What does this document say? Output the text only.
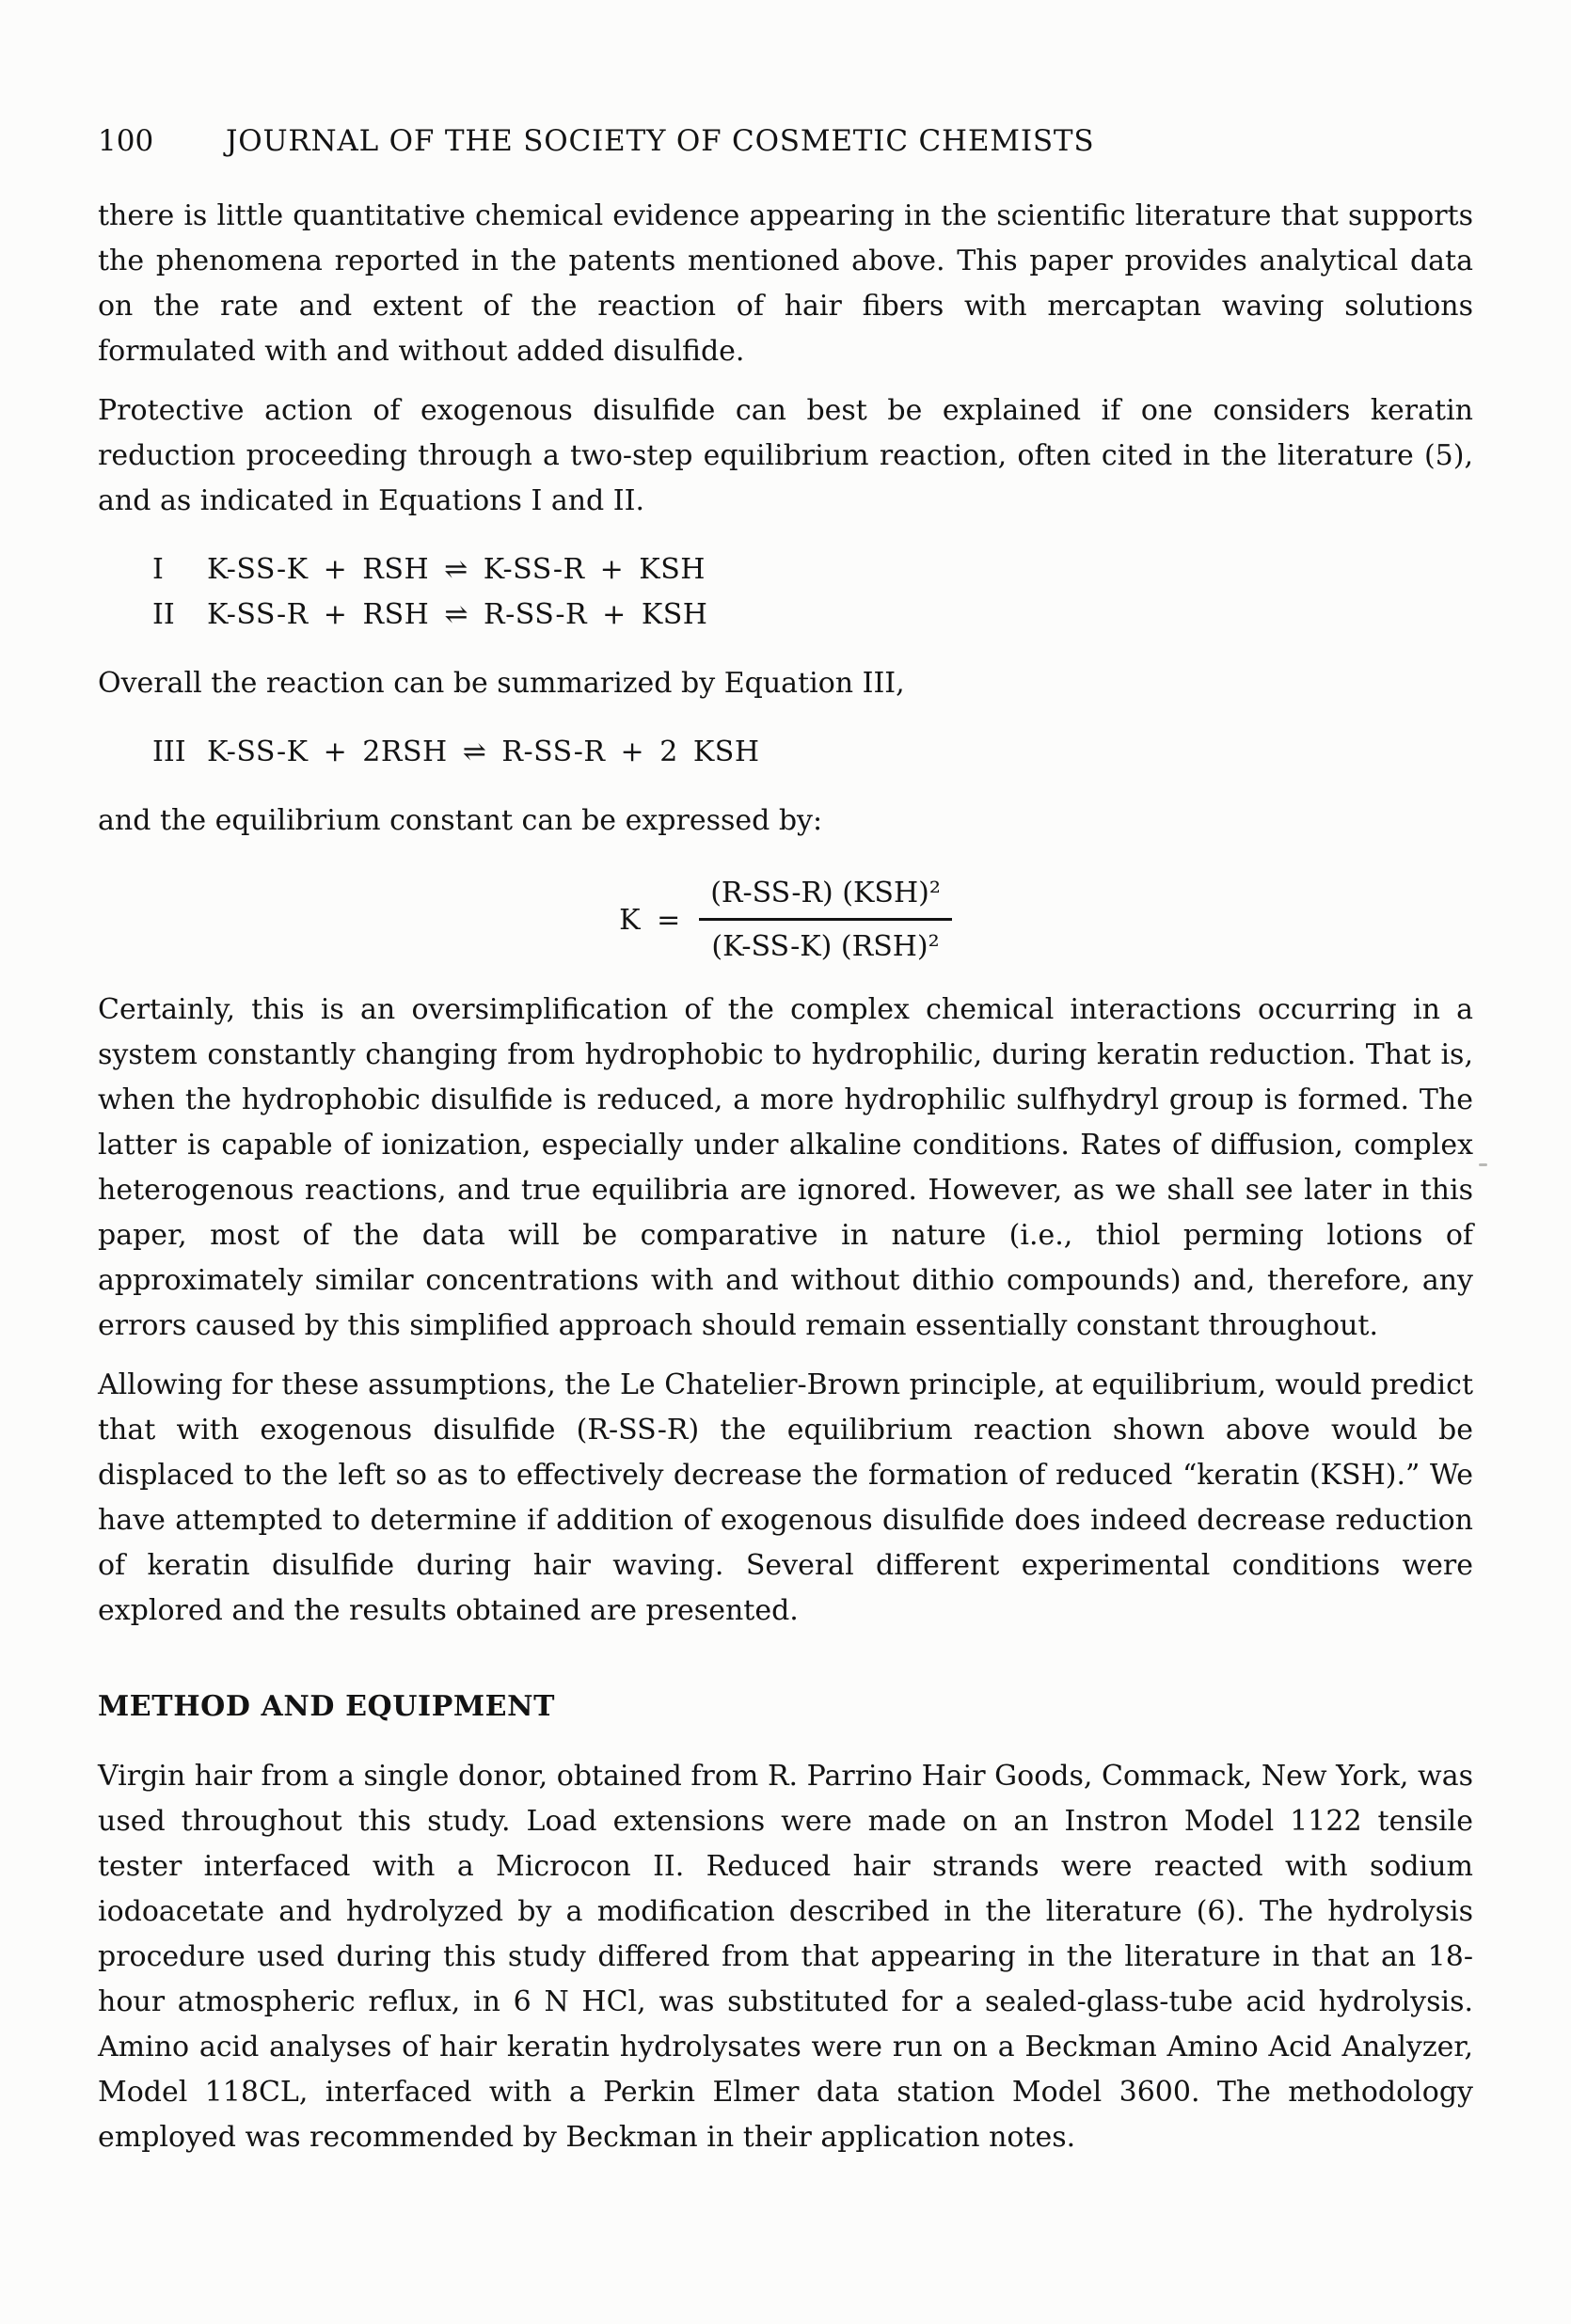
100	JOURNAL OF THE SOCIETY OF COSMETIC CHEMISTS

there is little quantitative chemical evidence appearing in the scientific literature that supports the phenomena reported in the patents mentioned above. This paper provides analytical data on the rate and extent of the reaction of hair fibers with mercaptan waving solutions formulated with and without added disulfide.

Protective action of exogenous disulfide can best be explained if one considers keratin reduction proceeding through a two-step equilibrium reaction, often cited in the literature (5), and as indicated in Equations I and II.

I	K-SS-K + RSH ⇌ K-SS-R + KSH
II	K-SS-R + RSH ⇌ R-SS-R + KSH

Overall the reaction can be summarized by Equation III,

III K-SS-K + 2RSH ⇌ R-SS-R + 2 KSH

and the equilibrium constant can be expressed by:

$K = \frac{\text{(R-SS-R) (KSH)²}}{\text{(K-SS-K) (RSH)²}}$

Certainly, this is an oversimplification of the complex chemical interactions occurring in a system constantly changing from hydrophobic to hydrophilic, during keratin reduction. That is, when the hydrophobic disulfide is reduced, a more hydrophilic sulfhydryl group is formed. The latter is capable of ionization, especially under alkaline conditions. Rates of diffusion, complex heterogenous reactions, and true equilibria are ignored. However, as we shall see later in this paper, most of the data will be comparative in nature (i.e., thiol perming lotions of approximately similar concentrations with and without dithio compounds) and, therefore, any errors caused by this simplified approach should remain essentially constant throughout.

Allowing for these assumptions, the Le Chatelier-Brown principle, at equilibrium, would predict that with exogenous disulfide (R-SS-R) the equilibrium reaction shown above would be displaced to the left so as to effectively decrease the formation of reduced “keratin (KSH).” We have attempted to determine if addition of exogenous disulfide does indeed decrease reduction of keratin disulfide during hair waving. Several different experimental conditions were explored and the results obtained are presented.

METHOD AND EQUIPMENT

Virgin hair from a single donor, obtained from R. Parrino Hair Goods, Commack, New York, was used throughout this study. Load extensions were made on an Instron Model 1122 tensile tester interfaced with a Microcon II. Reduced hair strands were reacted with sodium iodoacetate and hydrolyzed by a modification described in the literature (6). The hydrolysis procedure used during this study differed from that appearing in the literature in that an 18-hour atmospheric reflux, in 6 N HCl, was substituted for a sealed-glass-tube acid hydrolysis. Amino acid analyses of hair keratin hydrolysates were run on a Beckman Amino Acid Analyzer, Model 118CL, interfaced with a Perkin Elmer data station Model 3600. The methodology employed was recommended by Beckman in their application notes.
